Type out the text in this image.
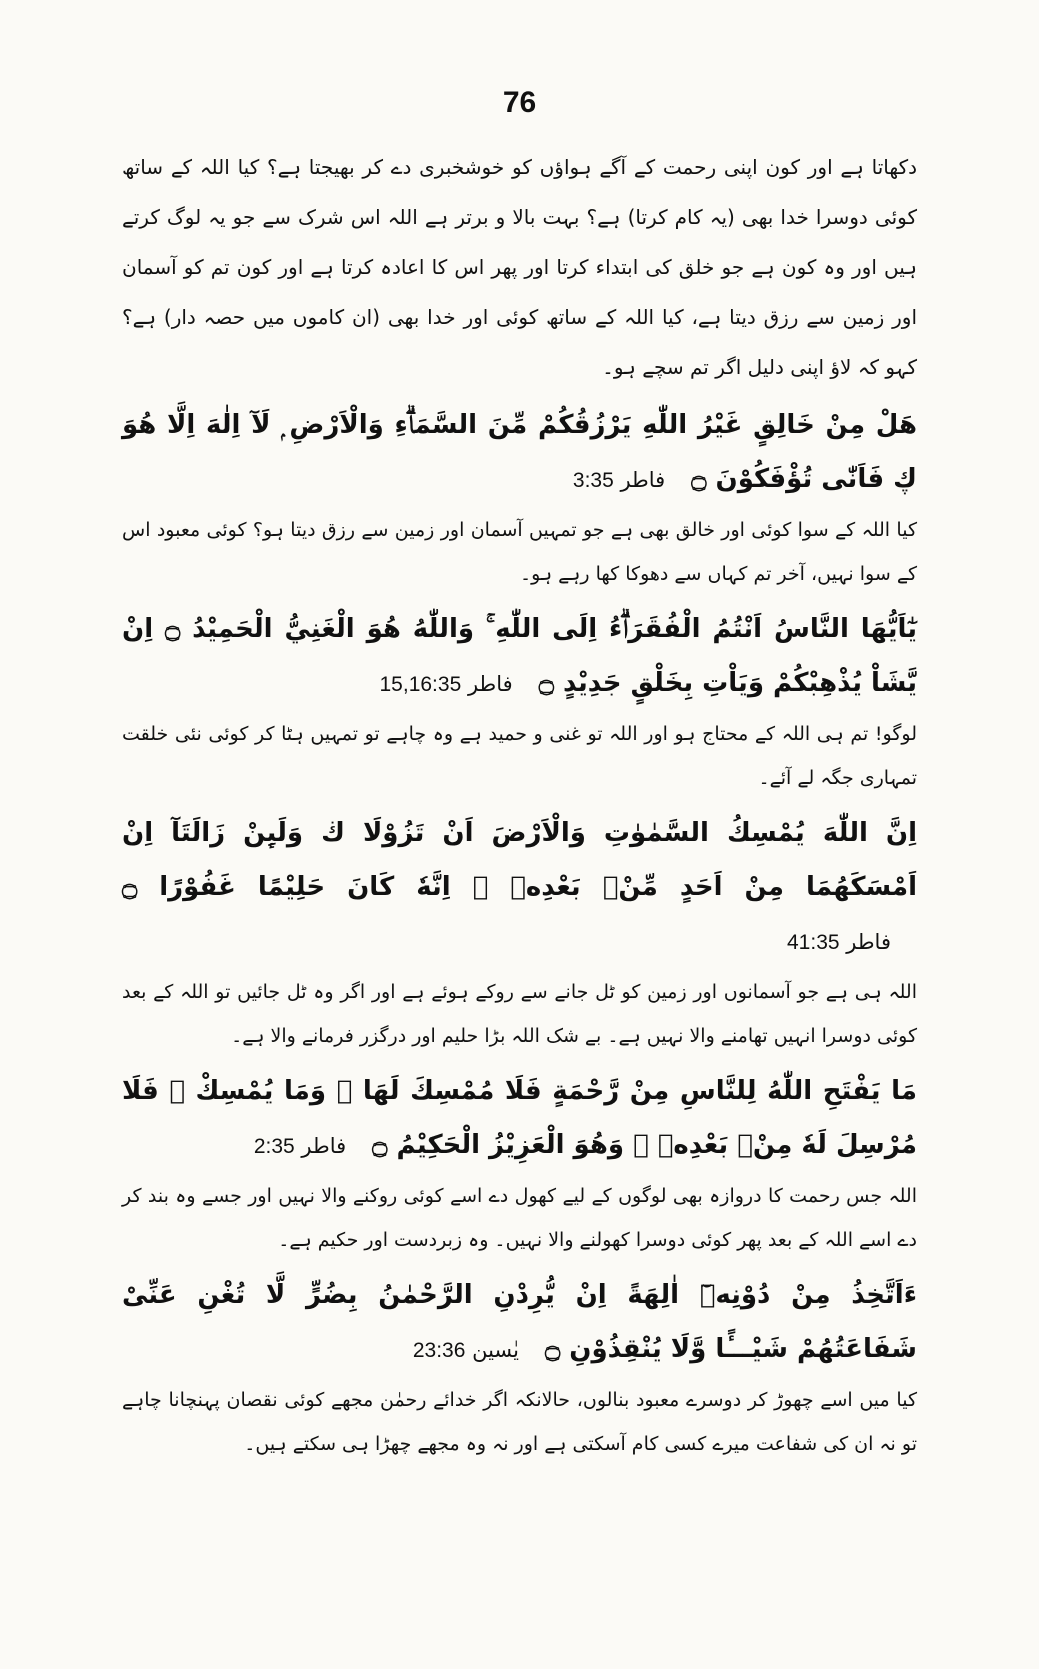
76

دکھاتا ہے اور کون اپنی رحمت کے آگے ہواؤں کو خوشخبری دے کر بھیجتا ہے؟ کیا اللہ کے ساتھ کوئی دوسرا خدا بھی (یہ کام کرتا) ہے؟ بہت بالا و برتر ہے اللہ اس شرک سے جو یہ لوگ کرتے ہیں اور وہ کون ہے جو خلق کی ابتداء کرتا اور پھر اس کا اعادہ کرتا ہے اور کون تم کو آسمان اور زمین سے رزق دیتا ہے، کیا اللہ کے ساتھ کوئی اور خدا بھی (ان کاموں میں حصہ دار) ہے؟ کہو کہ لاؤ اپنی دلیل اگر تم سچے ہو۔

هَلْ مِنْ خَالِقٍ غَيْرُ اللّٰهِ يَرْزُقُكُمْ مِّنَ السَّمَاۗءِ وَالْاَرْضِ ۭ لَآ اِلٰهَ اِلَّا هُوَ ڮ فَاَنّٰى تُؤْفَكُوْنَ ۝فاطر 3:35

کیا اللہ کے سوا کوئی اور خالق بھی ہے جو تمہیں آسمان اور زمین سے رزق دیتا ہو؟ کوئی معبود اس کے سوا نہیں، آخر تم کہاں سے دھوکا کھا رہے ہو۔

يٰٓاَيُّهَا النَّاسُ اَنْتُمُ الْفُقَرَاۗءُ اِلَى اللّٰهِ ۚ وَاللّٰهُ هُوَ الْغَنِيُّ الْحَمِيْدُ ۝ اِنْ يَّشَاْ يُذْهِبْكُمْ وَيَاْتِ بِخَلْقٍ جَدِيْدٍ ۝فاطر 15,16:35

لوگو! تم ہی اللہ کے محتاج ہو اور اللہ تو غنی و حمید ہے وہ چاہے تو تمہیں ہٹا کر کوئی نئی خلقت تمہاری جگہ لے آئے۔

اِنَّ اللّٰهَ يُمْسِكُ السَّمٰوٰتِ وَالْاَرْضَ اَنْ تَزُوْلَا ڬ وَلَىِٕنْ زَالَتَآ اِنْ اَمْسَكَهُمَا مِنْ اَحَدٍ مِّنْۢ بَعْدِهٖ ۭ اِنَّهٗ كَانَ حَلِيْمًا غَفُوْرًا ۝فاطر 41:35

اللہ ہی ہے جو آسمانوں اور زمین کو ٹل جانے سے روکے ہوئے ہے اور اگر وہ ٹل جائیں تو اللہ کے بعد کوئی دوسرا انہیں تھامنے والا نہیں ہے۔ بے شک اللہ بڑا حلیم اور درگزر فرمانے والا ہے۔

مَا يَفْتَحِ اللّٰهُ لِلنَّاسِ مِنْ رَّحْمَةٍ فَلَا مُمْسِكَ لَهَا ۚ وَمَا يُمْسِكْ ۙ فَلَا مُرْسِلَ لَهٗ مِنْۢ بَعْدِهٖ ۭ وَهُوَ الْعَزِيْزُ الْحَكِيْمُ ۝فاطر 2:35

اللہ جس رحمت کا دروازہ بھی لوگوں کے لیے کھول دے اسے کوئی روکنے والا نہیں اور جسے وہ بند کر دے اسے اللہ کے بعد پھر کوئی دوسرا کھولنے والا نہیں۔ وہ زبردست اور حکیم ہے۔

ءَاَتَّخِذُ مِنْ دُوْنِهٖٓ اٰلِهَةً اِنْ يُّرِدْنِ الرَّحْمٰنُ بِضُرٍّ لَّا تُغْنِ عَنِّىْ شَفَاعَتُهُمْ شَيْـــًٔا وَّلَا يُنْقِذُوْنِ ۝یٰسین 23:36

کیا میں اسے چھوڑ کر دوسرے معبود بنالوں، حالانکہ اگر خدائے رحمٰن مجھے کوئی نقصان پہنچانا چاہے تو نہ ان کی شفاعت میرے کسی کام آسکتی ہے اور نہ وہ مجھے چھڑا ہی سکتے ہیں۔
